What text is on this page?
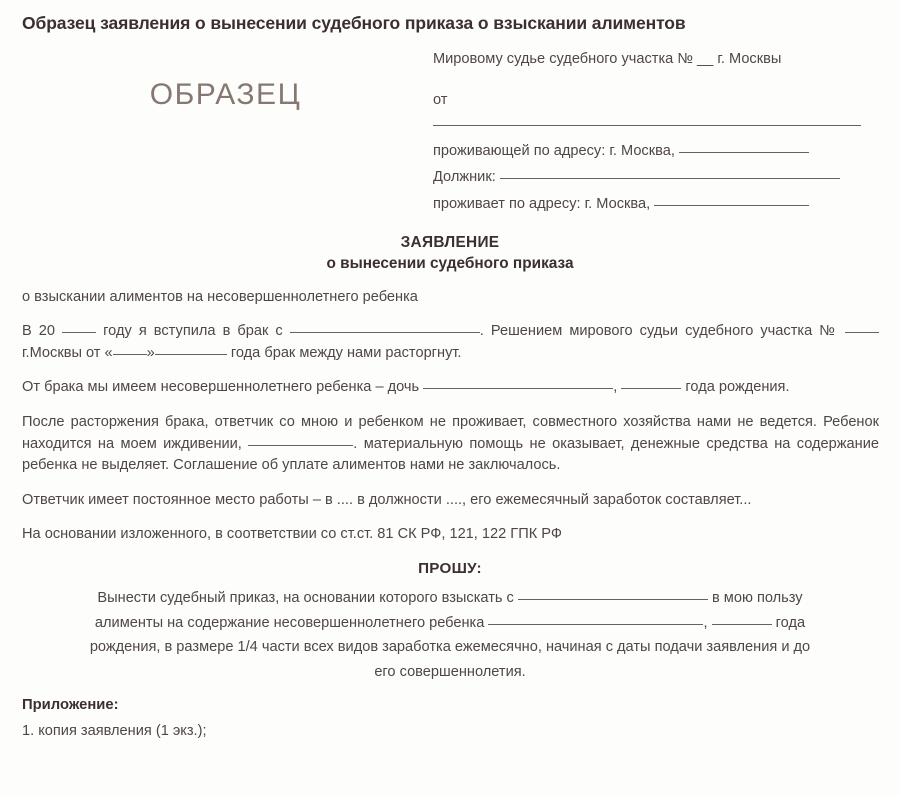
Образец заявления о вынесении судебного приказа о взыскании алиментов
ОБРАЗЕЦ
Мировому судье судебного участка № __ г. Москвы
от
проживающей по адресу: г. Москва,
Должник:
проживает по адресу: г. Москва,
ЗАЯВЛЕНИЕ
о вынесении судебного приказа

о взыскании алиментов на несовершеннолетнего ребенка

В 20	году я вступила в брак с	. Решением мирового судьи судебного участка №  г.Москвы от « »	года брак между нами расторгнут.

От брака мы имеем несовершеннолетнего ребенка – дочь	,	года рождения.

После расторжения брака, ответчик со мною и ребенком не проживает, совместного хозяйства нами не ведется. Ребенок находится на моем иждивении,	. материальную помощь не оказывает, денежные средства на содержание ребенка не выделяет. Соглашение об уплате алиментов нами не заключалось.

Ответчик имеет постоянное место работы – в .... в должности ...., его ежемесячный заработок составляет...

На основании изложенного, в соответствии со ст.ст. 81 СК РФ, 121, 122 ГПК РФ

ПРОШУ:

Вынести судебный приказ, на основании которого взыскать с	в мою пользу

алименты на содержание несовершеннолетнего ребенка	,	года

рождения, в размере 1/4 части всех видов заработка ежемесячно, начиная с даты подачи заявления и до

его совершеннолетия.

Приложение:
1. копия заявления (1 экз.);
